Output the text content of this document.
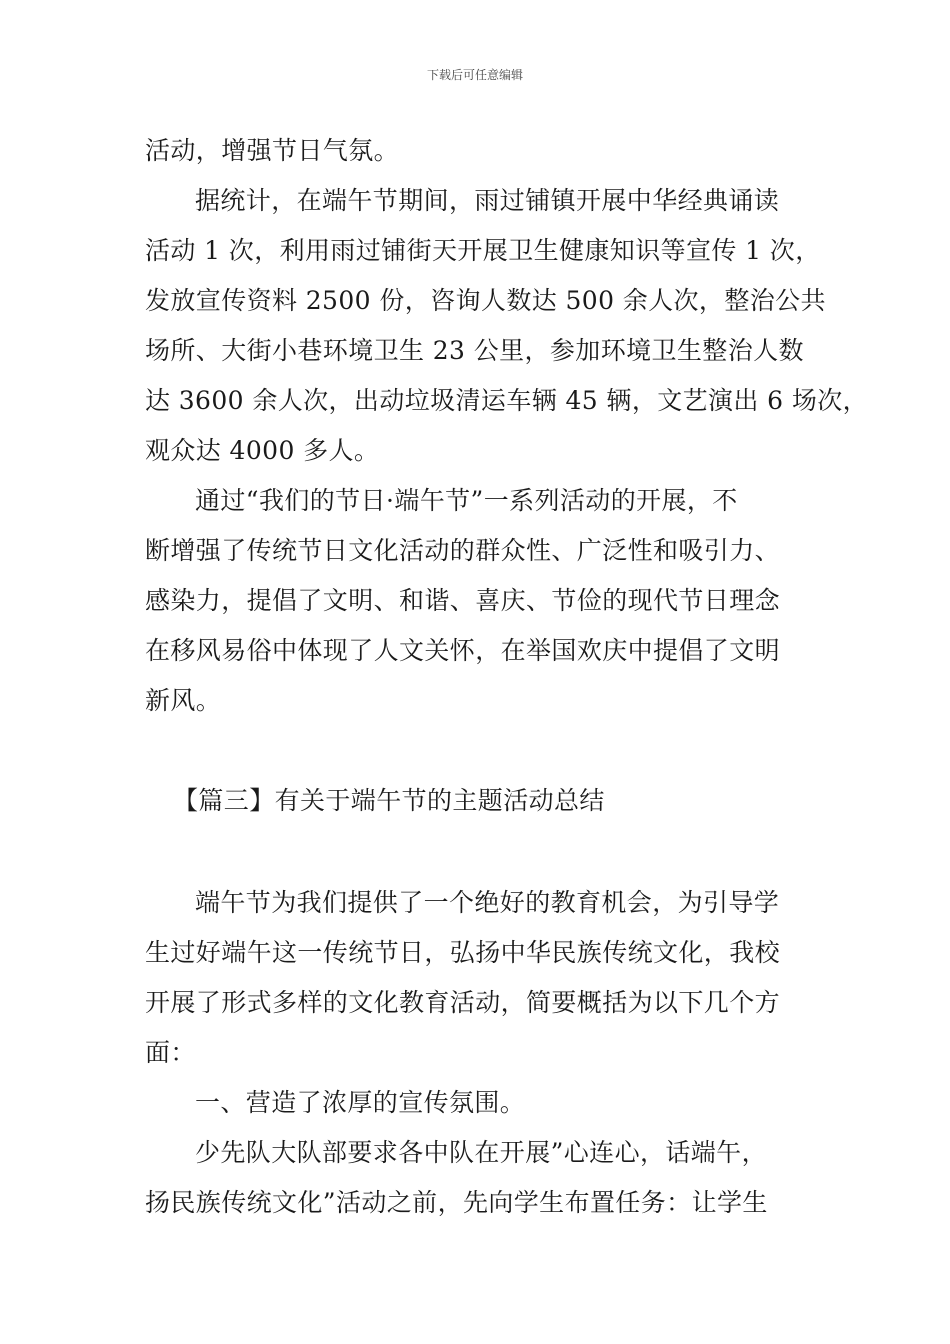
下载后可任意编辑
活动，增强节日气氛。
据统计，在端午节期间，雨过铺镇开展中华经典诵读
活动 1 次，利用雨过铺街天开展卫生健康知识等宣传 1 次，
发放宣传资料 2500 份，咨询人数达 500 余人次，整治公共
场所、大街小巷环境卫生 23 公里，参加环境卫生整治人数
达 3600 余人次，出动垃圾清运车辆 45 辆，文艺演出 6 场次，
观众达 4000 多人。
通过“我们的节日·端午节”一系列活动的开展，不
断增强了传统节日文化活动的群众性、广泛性和吸引力、
感染力，提倡了文明、和谐、喜庆、节俭的现代节日理念
在移风易俗中体现了人文关怀，在举国欢庆中提倡了文明
新风。
【篇三】有关于端午节的主题活动总结
端午节为我们提供了一个绝好的教育机会，为引导学
生过好端午这一传统节日，弘扬中华民族传统文化，我校
开展了形式多样的文化教育活动，简要概括为以下几个方
面：
一、营造了浓厚的宣传氛围。
少先队大队部要求各中队在开展”心连心，话端午，
扬民族传统文化”活动之前，先向学生布置任务：让学生
